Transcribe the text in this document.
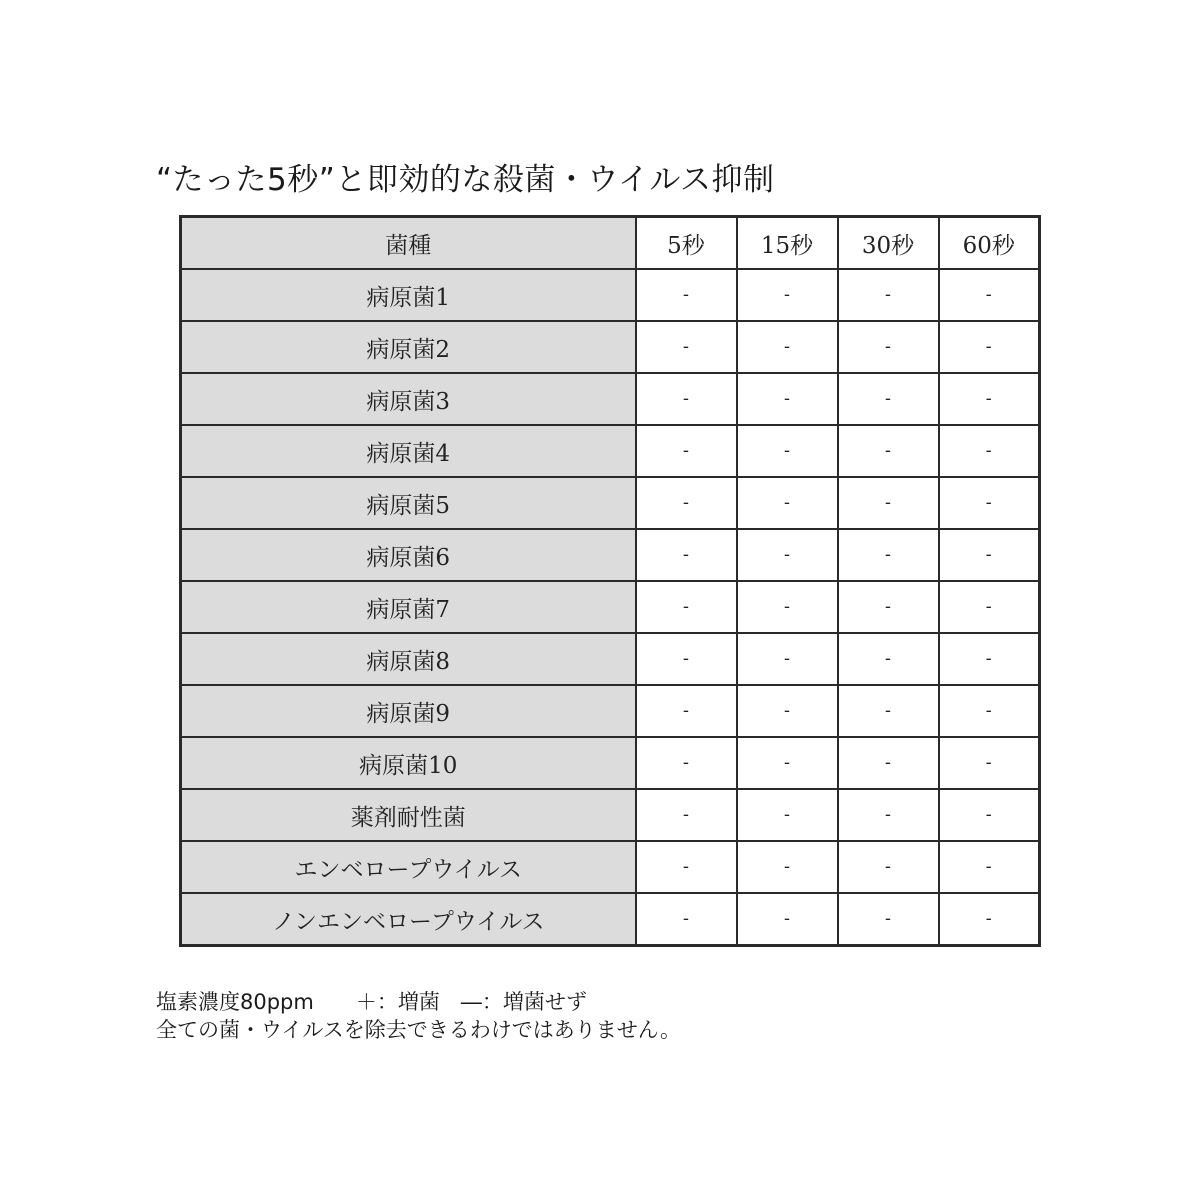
“たった5秒”と即効的な殺菌・ウイルス抑制
菌種	5秒	15秒	30秒	60秒
病原菌1	-	-	-	-
病原菌2	-	-	-	-
病原菌3	-	-	-	-
病原菌4	-	-	-	-
病原菌5	-	-	-	-
病原菌6	-	-	-	-
病原菌7	-	-	-	-
病原菌8	-	-	-	-
病原菌9	-	-	-	-
病原菌10	-	-	-	-
薬剤耐性菌	-	-	-	-
エンベロープウイルス	-	-	-	-
ノンエンベロープウイルス	-	-	-	-
塩素濃度80ppm　　＋：増菌　―：増菌せず
全ての菌・ウイルスを除去できるわけではありません。
